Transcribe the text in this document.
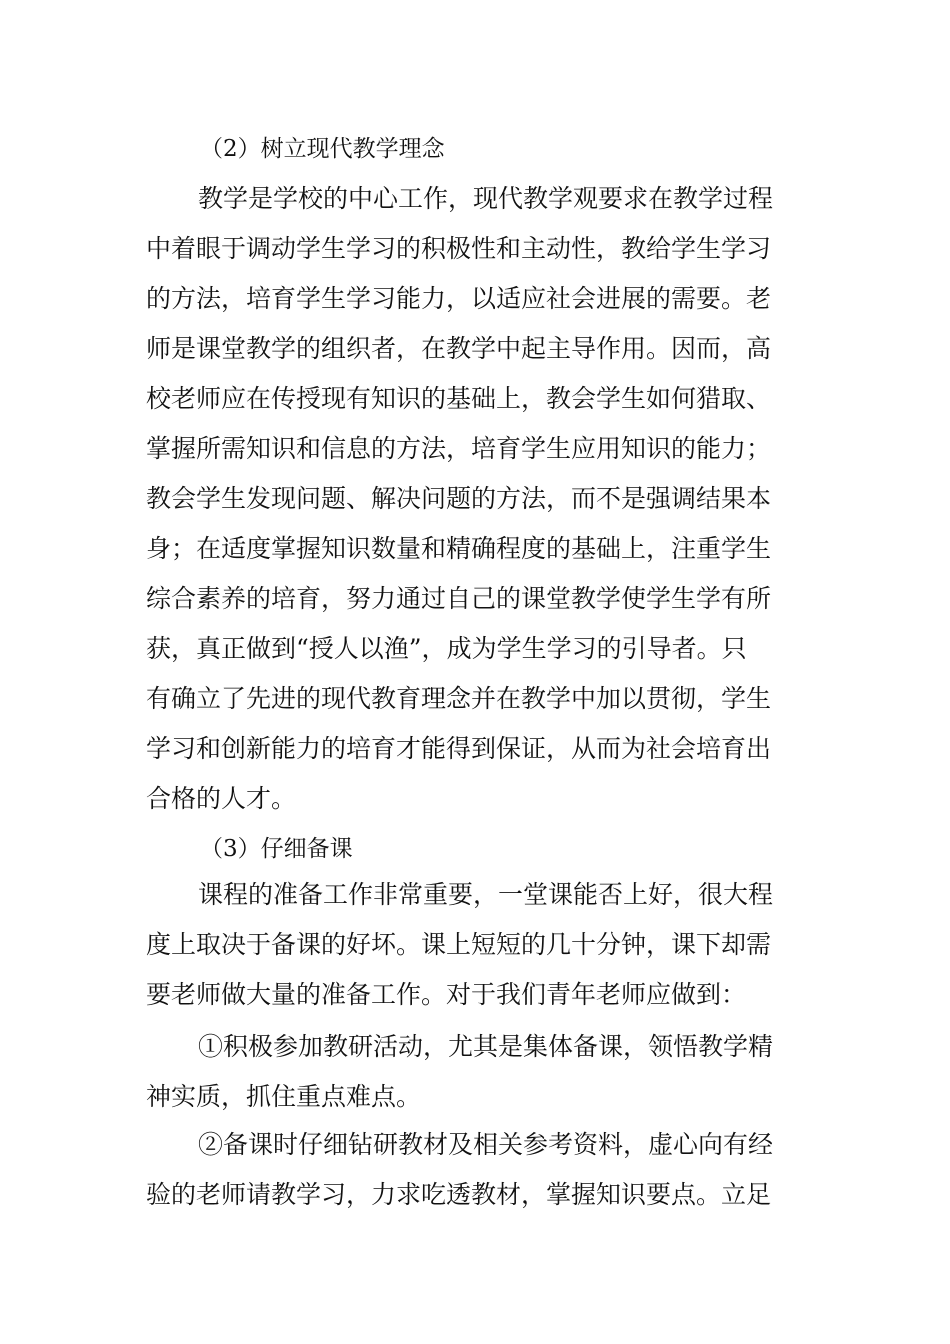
（2）树立现代教学理念
教学是学校的中心工作，现代教学观要求在教学过程
中着眼于调动学生学习的积极性和主动性，教给学生学习
的方法，培育学生学习能力，以适应社会进展的需要。老
师是课堂教学的组织者，在教学中起主导作用。因而，高
校老师应在传授现有知识的基础上，教会学生如何猎取、
掌握所需知识和信息的方法，培育学生应用知识的能力；
教会学生发现问题、解决问题的方法，而不是强调结果本
身；在适度掌握知识数量和精确程度的基础上，注重学生
综合素养的培育，努力通过自己的课堂教学使学生学有所
获，真正做到“授人以渔”，成为学生学习的引导者。只
有确立了先进的现代教育理念并在教学中加以贯彻，学生
学习和创新能力的培育才能得到保证，从而为社会培育出
合格的人才。
（3）仔细备课
课程的准备工作非常重要，一堂课能否上好，很大程
度上取决于备课的好坏。课上短短的几十分钟，课下却需
要老师做大量的准备工作。对于我们青年老师应做到：
①积极参加教研活动，尤其是集体备课，领悟教学精
神实质，抓住重点难点。
②备课时仔细钻研教材及相关参考资料，虚心向有经
验的老师请教学习，力求吃透教材，掌握知识要点。立足
